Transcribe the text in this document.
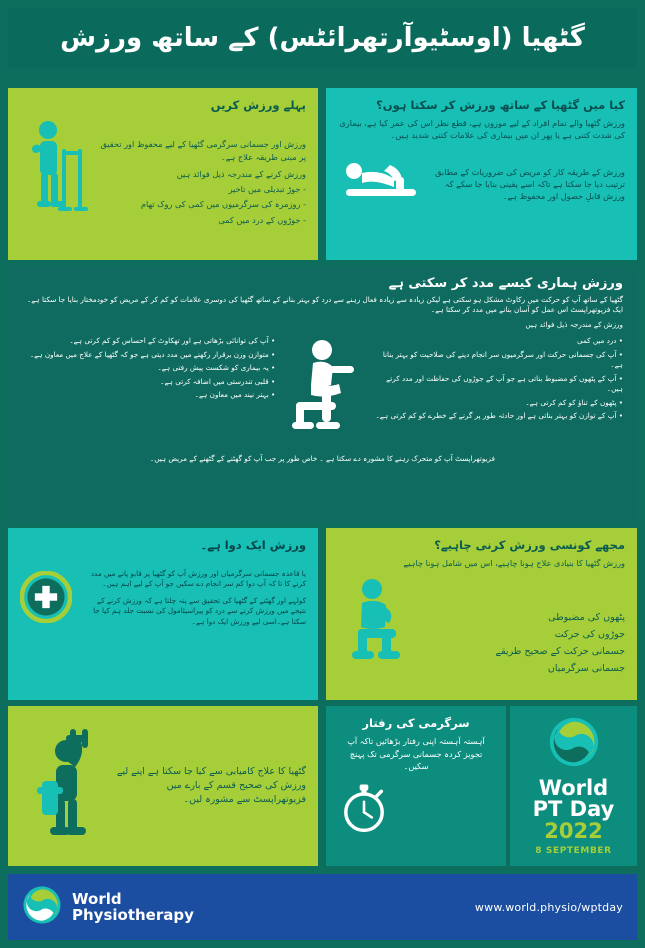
گٹھیا (اوسٹیوآرتھرائٹس) کے ساتھ ورزش
پہلے ورزش کریں
ورزش اور جسمانی سرگرمی گٹھیا کے لیے محفوظ اور تحقیق پر مبنی طریقہ علاج ہے۔
ورزش کرنے کے مندرجہ ذیل فوائد ہیں
- جوڑ تبدیلی میں تاخیر
- روزمرہ کی سرگرمیوں میں کمی کی روک تھام
- جوڑوں کے درد میں کمی
کیا میں گٹھیا کے ساتھ ورزش کر سکتا ہوں؟
ورزش گٹھیا والے تمام افراد کے لیے موزوں ہے، قطع نظر اس کی عمر کیا ہے، بیماری کی شدت کتنی ہے یا پھر ان میں بیماری کی علامات کتنی شدید ہیں۔
ورزش کے طریقہ کار کو مریض کی ضروریات کے مطابق ترتیب دیا جا سکتا ہے تاکہ اسے یقینی بنایا جا سکے کہ ورزش قابلِ حصول اور محفوظ ہے۔
ورزش ہماری کیسے مدد کر سکتی ہے
گٹھیا کے ساتھ آپ کو حرکت میں رکاوٹ مشکل ہو سکتی ہے لیکن زیادہ سے زیادہ فعال رہنے سے درد کو بہتر بنانے کے ساتھ گٹھیا کی دوسری علامات کو کم کر کے مریض کو خودمختار بنایا جا سکتا ہے۔ ایک فزیوتھراپسٹ اس عمل کو آسان بنانے میں مدد کر سکتا ہے۔
ورزش کے مندرجہ ذیل فوائد ہیں
• درد میں کمی
• آپ کی جسمانی حرکت اور سرگرمیوں سر انجام دینے کی صلاحیت کو بہتر بنانا ہے۔
• آپ کے پٹھوں کو مضبوط بناتی ہے جو آپ کے جوڑوں کی حفاظت اور مدد کرتے ہیں۔
• پٹھوں کے تناؤ کو کم کرتی ہے۔
• آپ کے توازن کو بہتر بناتی ہے اور حادثہ طور پر گرنے کے خطرے کو کم کرتی ہے۔
• آپ کی توانائی بڑھاتی ہے اور تھکاوٹ کے احساس کو کم کرتی ہے۔
• متوازن وزن برقرار رکھنے میں مدد دیتی ہے جو کہ گٹھیا کے علاج میں معاون ہے۔
• یہ بیماری کو شکست پیش رفتی ہے۔
• قلبی تندرستی میں اضافہ کرتی ہے۔
• بہتر نیند میں معاون ہے۔
فزیوتھراپسٹ آپ کو متحرک رہنے کا مشورہ دے سکتا ہے ۔ خاص طور پر جب آپ کو گھٹنے کے گٹھنے کے مریض ہیں۔
ورزش ایک دوا ہے۔
یا قاعدہ جسمانی سرگرمیاں اور ورزش آپ کو گٹھیا پر قابو پانے میں مدد کرنے کا تا کہ آپ دوا کم سر انجام دے سکیں جو آپ کے لیے اہم ہیں۔
کولہے اور گھٹنے کے گٹھیا کی تحقیق سے پتہ چلتا ہے کہ ورزش کرنے کے نتیجے میں ورزش کرنے سے درد کو پیراسیٹامول کی نسبت جلد ہم کیا جا سکتا ہے۔اسی لیے ورزش ایک دوا ہے۔
مجھے کونسی ورزش کرنی چاہیے؟
ورزش گٹھیا کا بنیادی علاج ہونا چاہیے، اس میں شامل ہونا چاہیے
پٹھوں کی مضبوطی
جوڑوں کی حرکت
جسمانی حرکت کے صحیح طریقے
جسمانی سرگرمیاں
گٹھیا کا علاج کامیابی سے کیا جا سکتا ہے اپنے لیے ورزش کی صحیح قسم کے بارے میں فزیوتھراپسٹ سے مشورہ لیں۔
سرگرمی کی رفتار
آہستہ آہستہ اپنی رفتار بڑھائیں تاکہ آپ تجویز کردہ جسمانی سرگرمی تک پہنچ سکیں۔
World
PT Day
2022
8 SEPTEMBER
World
Physiotherapy	www.world.physio/wptday
